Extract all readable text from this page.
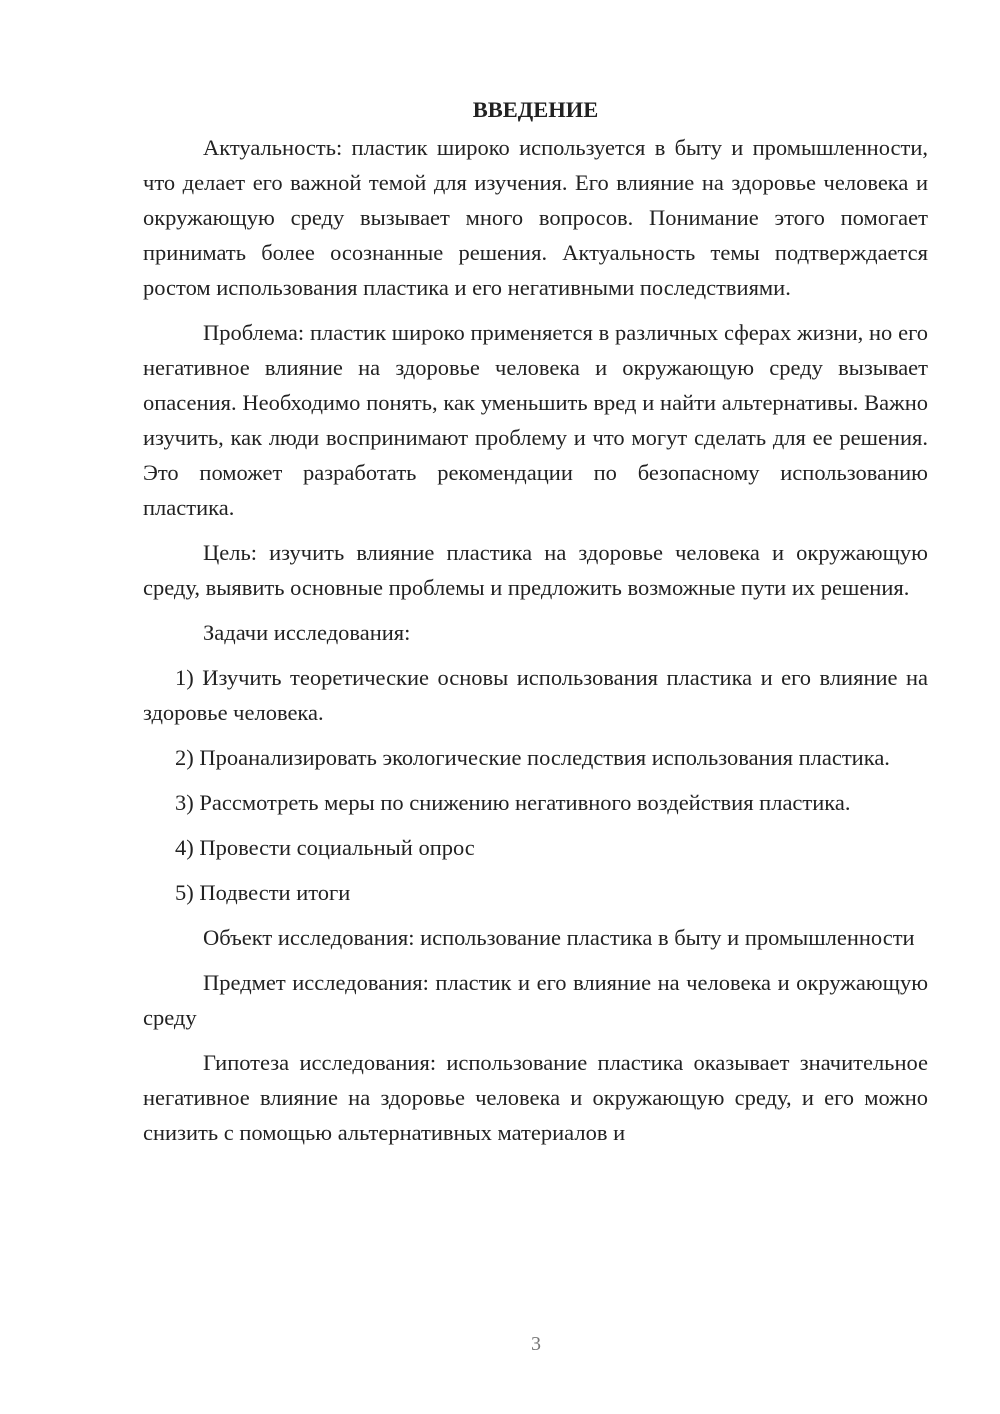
ВВЕДЕНИЕ

Актуальность: пластик широко используется в быту и промышленности, что делает его важной темой для изучения. Его влияние на здоровье человека и окружающую среду вызывает много вопросов. Понимание этого помогает принимать более осознанные решения. Актуальность темы подтверждается ростом использования пластика и его негативными последствиями.

Проблема: пластик широко применяется в различных сферах жизни, но его негативное влияние на здоровье человека и окружающую среду вызывает опасения. Необходимо понять, как уменьшить вред и найти альтернативы. Важно изучить, как люди воспринимают проблему и что могут сделать для ее решения. Это поможет разработать рекомендации по безопасному использованию пластика.

Цель: изучить влияние пластика на здоровье человека и окружающую среду, выявить основные проблемы и предложить возможные пути их решения.

Задачи исследования:

1) Изучить теоретические основы использования пластика и его влияние на здоровье человека.

2) Проанализировать экологические последствия использования пластика.

3) Рассмотреть меры по снижению негативного воздействия пластика.

4) Провести социальный опрос

5) Подвести итоги

Объект исследования: использование пластика в быту и промышленности

Предмет исследования: пластик и его влияние на человека и окружающую среду

Гипотеза исследования: использование пластика оказывает значительное негативное влияние на здоровье человека и окружающую среду, и его можно снизить с помощью альтернативных материалов и

3
